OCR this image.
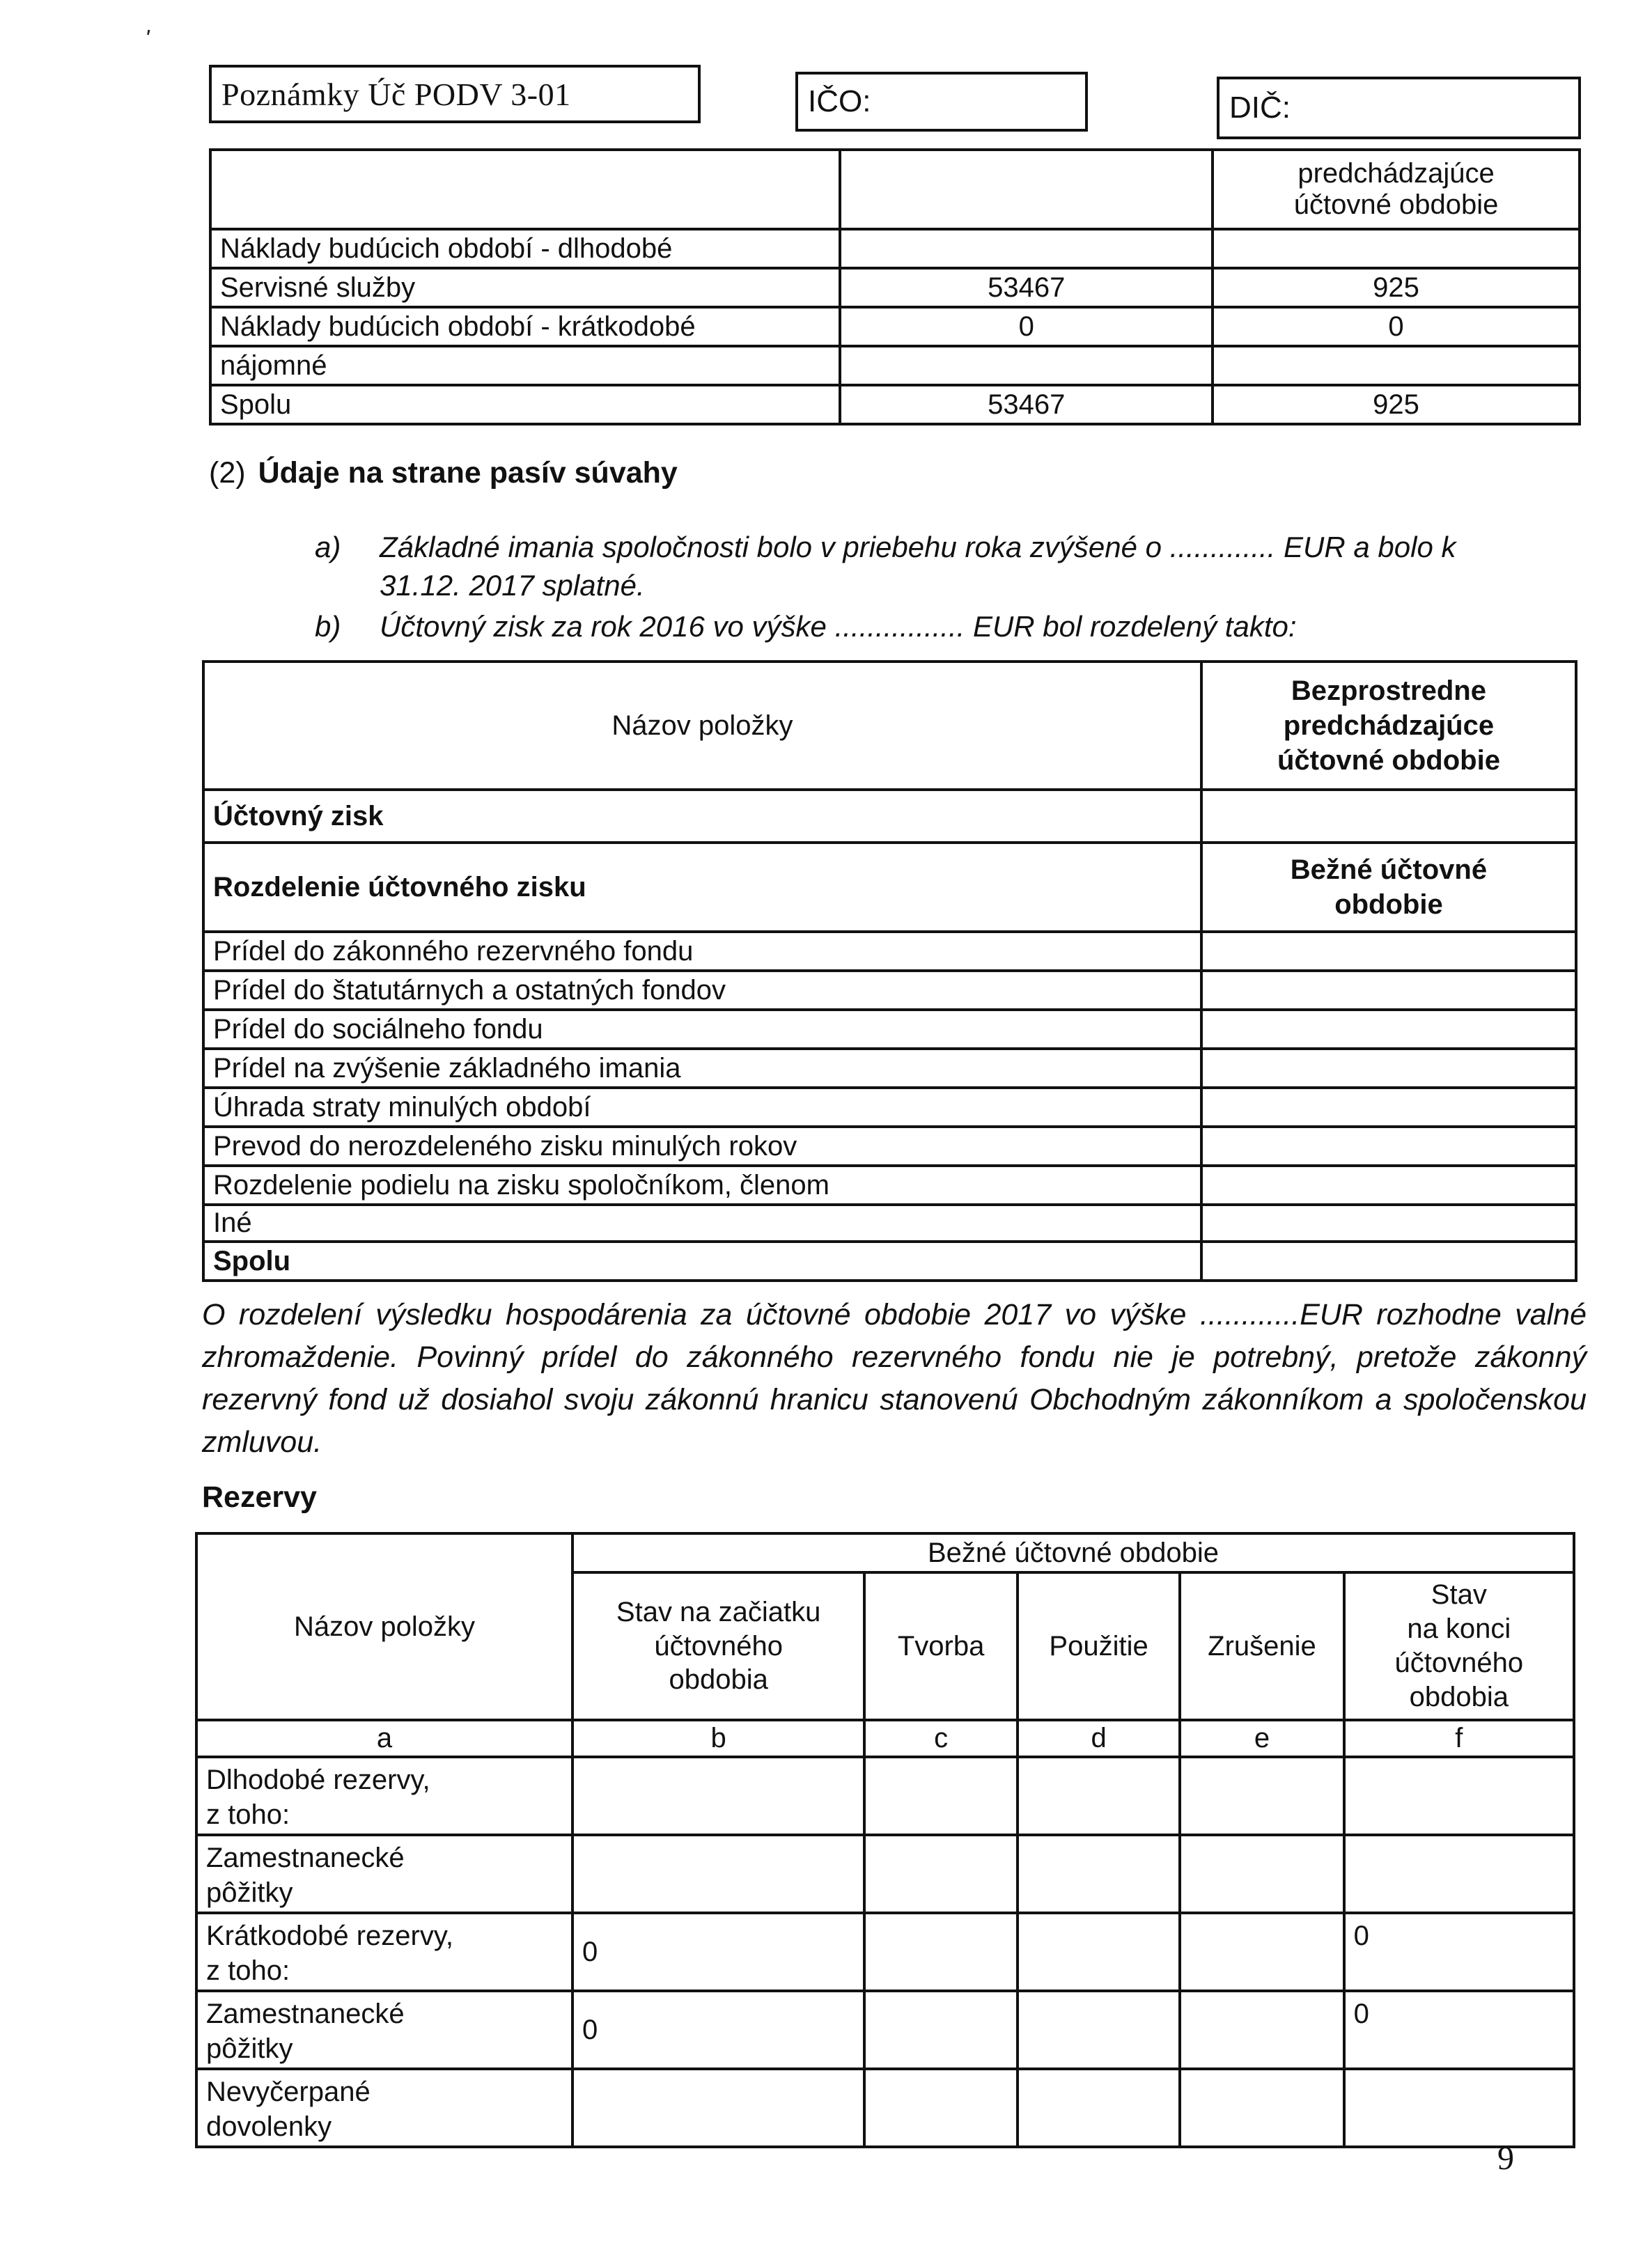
ʹ
Poznámky Úč PODV 3-01	IČO:	DIČ:
		predchádzajúce
účtovné obdobie
Náklady budúcich období - dlhodobé		
Servisné služby	53467	925
Náklady budúcich období - krátkodobé	0	0
nájomné		
Spolu	53467	925
(2) Údaje na strane pasív súvahy
a) Základné imania spoločnosti bolo v priebehu roka zvýšené o ............. EUR a bolo k 31.12. 2017 splatné.
b) Účtovný zisk za rok 2016 vo výške ................ EUR bol rozdelený takto:
Názov položky	Bezprostredne
predchádzajúce
účtovné obdobie
Účtovný zisk	
Rozdelenie účtovného zisku	Bežné účtovné
obdobie
Prídel do zákonného rezervného fondu	
Prídel do štatutárnych a ostatných fondov	
Prídel do sociálneho fondu	
Prídel na zvýšenie základného imania	
Úhrada straty minulých období	
Prevod do nerozdeleného zisku minulých rokov	
Rozdelenie podielu na zisku spoločníkom, členom	
Iné	
Spolu	
O rozdelení výsledku hospodárenia za účtovné obdobie 2017 vo výške ............EUR rozhodne valné zhromaždenie. Povinný prídel do zákonného rezervného fondu nie je potrebný, pretože zákonný rezervný fond už dosiahol svoju zákonnú hranicu stanovenú Obchodným zákonníkom a spoločenskou zmluvou.
Rezervy
Názov položky	Bežné účtovné obdobie				
	Stav na začiatku
účtovného
obdobia	Tvorba	Použitie	Zrušenie	Stav
na konci
účtovného
obdobia
a	b	c	d	e	f
Dlhodobé rezervy,
z toho:					
Zamestnanecké
pôžitky					
Krátkodobé rezervy,
z toho:	0				0
Zamestnanecké
pôžitky	0				0
Nevyčerpané
dovolenky					
9
